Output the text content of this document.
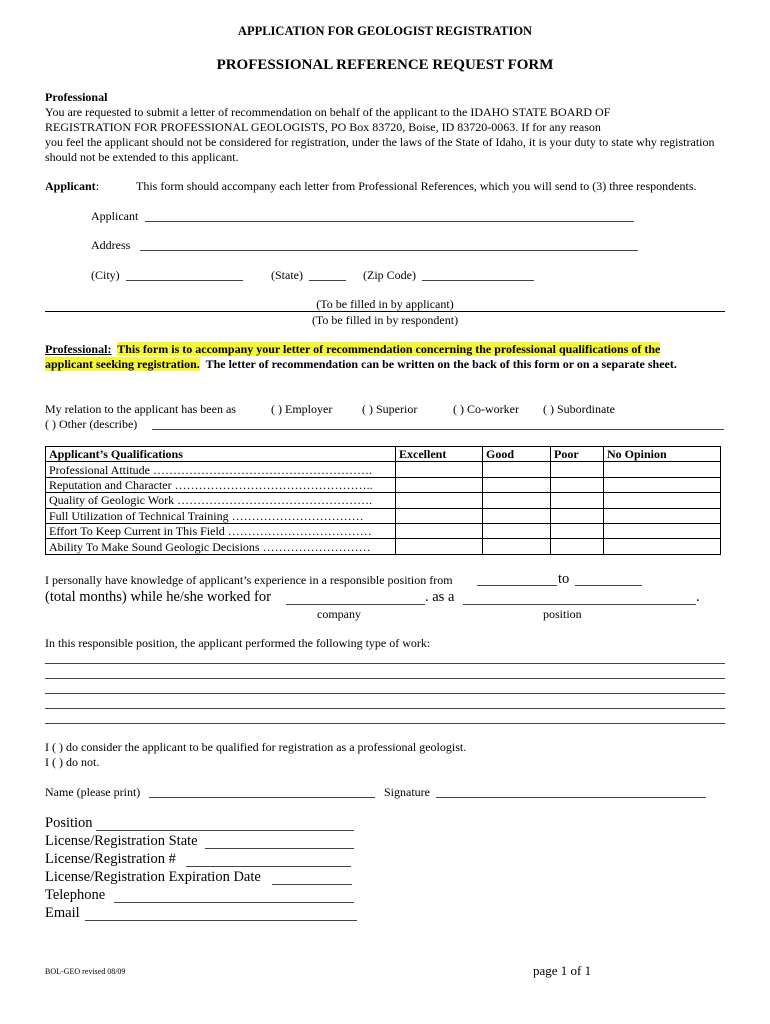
APPLICATION FOR GEOLOGIST REGISTRATION
PROFESSIONAL REFERENCE REQUEST FORM
Professional
You are requested to submit a letter of recommendation on behalf of the applicant to the IDAHO STATE BOARD OF
REGISTRATION FOR PROFESSIONAL GEOLOGISTS, PO Box 83720, Boise, ID 83720-0063. If for any reason
you feel the applicant should not be considered for registration, under the laws of the State of Idaho, it is your duty to state why registration
should not be extended to this applicant.
Applicant:	This form should accompany each letter from Professional References, which you will send to (3) three respondents.
Applicant
Address
(City)	(State)	(Zip Code)
(To be filled in by applicant)
(To be filled in by respondent)
Professional: This form is to accompany your letter of recommendation concerning the professional qualifications of the
applicant seeking registration. The letter of recommendation can be written on the back of this form or on a separate sheet.
My relation to the applicant has been as	( ) Employer ( ) Superior	( ) Co-worker ( ) Subordinate
( ) Other (describe)
Applicant’s Qualifications	Excellent	Good	Poor	No Opinion
Professional Attitude ……………………………………………….				
Reputation and Character …………………………………………..				
Quality of Geologic Work ………………………………………….				
Full Utilization of Technical Training ……………………………				
Effort To Keep Current in This Field ………………………………				
Ability To Make Sound Geologic Decisions ………………………				
I personally have knowledge of applicant’s experience in a responsible position from	to
(total months) while he/she worked for	. as a	.
company	position
In this responsible position, the applicant performed the following type of work:
I ( ) do consider the applicant to be qualified for registration as a professional geologist.
I ( ) do not.
Name (please print)	Signature
Position
License/Registration State
License/Registration #
License/Registration Expiration Date
Telephone
Email
BOL-GEO revised 08/09	page 1 of 1
